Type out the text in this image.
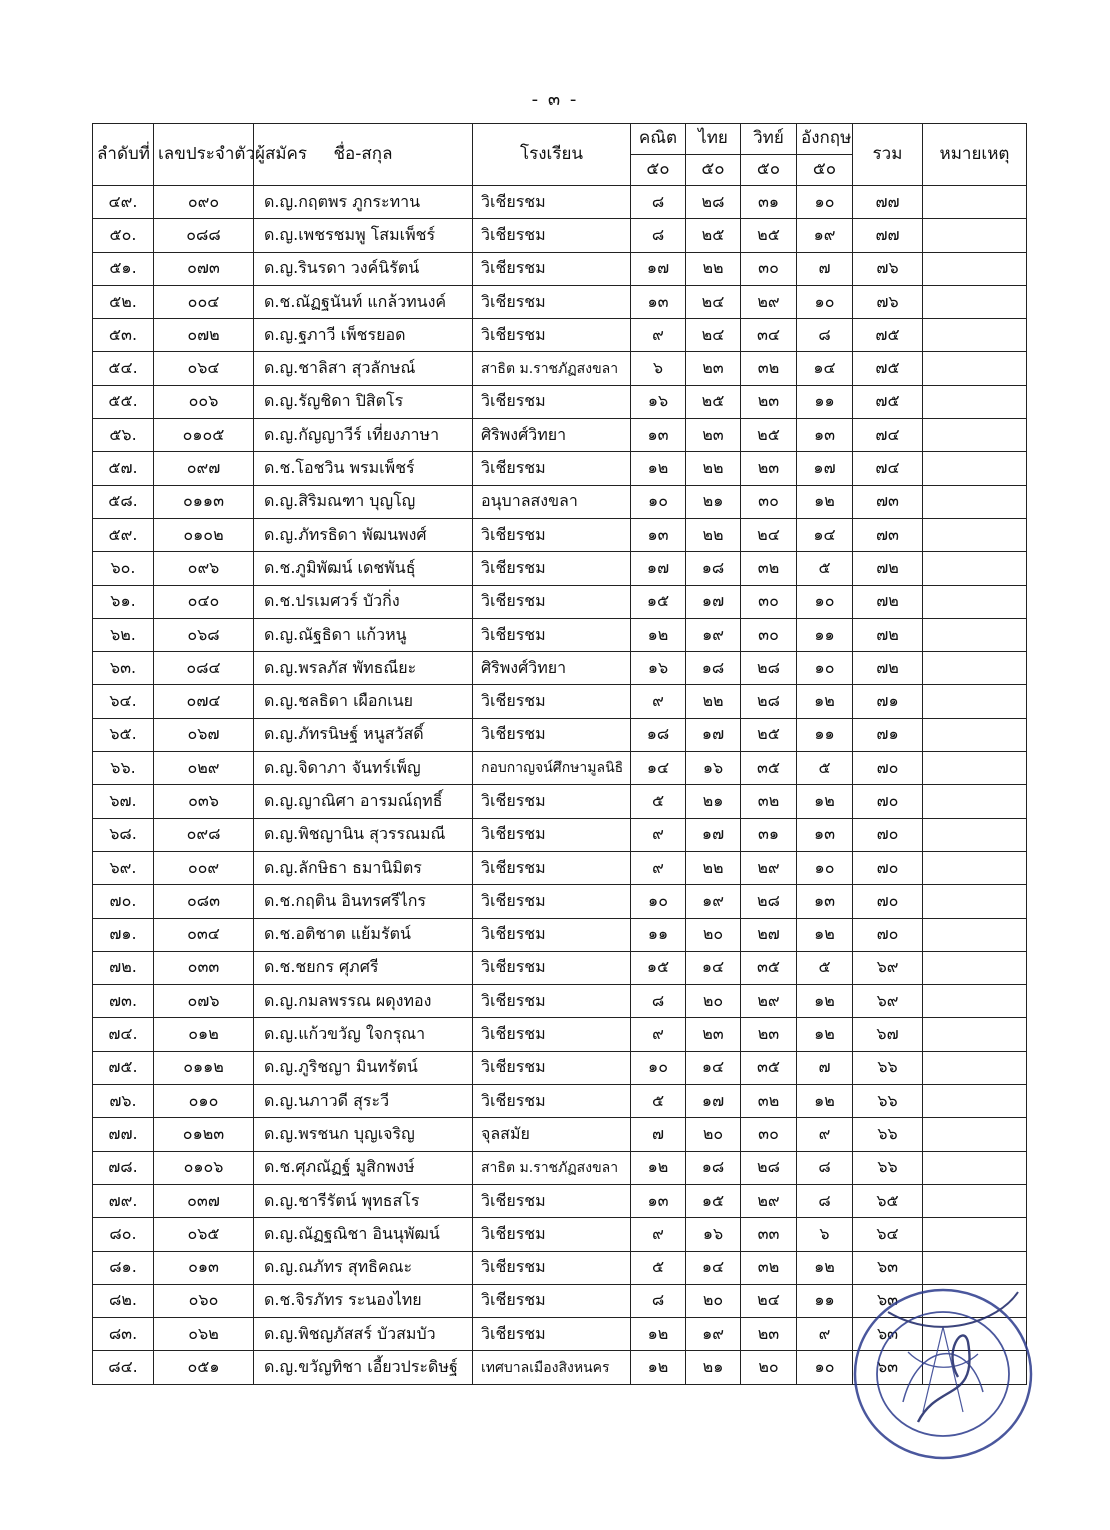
- ๓ -
ลำดับที่	เลขประจำตัวผู้สมัคร	ชื่อ-สกุล	โรงเรียน	คณิต	ไทย	วิทย์	อังกฤษ	รวม	หมายเหตุ
				๕๐	๕๐	๕๐	๕๐		
๔๙.	๐๙๐	ด.ญ.กฤตพร ภูกระทาน	วิเชียรชม	๘	๒๘	๓๑	๑๐	๗๗	
๕๐.	๐๘๘	ด.ญ.เพชรชมพู โสมเพ็ชร์	วิเชียรชม	๘	๒๕	๒๕	๑๙	๗๗	
๕๑.	๐๗๓	ด.ญ.รินรดา วงค์นิรัตน์	วิเชียรชม	๑๗	๒๒	๓๐	๗	๗๖	
๕๒.	๐๐๔	ด.ช.ณัฏฐนันท์ แกล้วทนงค์	วิเชียรชม	๑๓	๒๔	๒๙	๑๐	๗๖	
๕๓.	๐๗๒	ด.ญ.ฐภาวี เพ็ชรยอด	วิเชียรชม	๙	๒๔	๓๔	๘	๗๕	
๕๔.	๐๖๔	ด.ญ.ชาลิสา สุวลักษณ์	สาธิต ม.ราชภัฏสงขลา	๖	๒๓	๓๒	๑๔	๗๕	
๕๕.	๐๐๖	ด.ญ.รัญชิดา ปิสิตโร	วิเชียรชม	๑๖	๒๕	๒๓	๑๑	๗๕	
๕๖.	๐๑๐๕	ด.ญ.กัญญาวีร์ เที่ยงภาษา	ศิริพงศ์วิทยา	๑๓	๒๓	๒๕	๑๓	๗๔	
๕๗.	๐๙๗	ด.ช.โอชวิน พรมเพ็ชร์	วิเชียรชม	๑๒	๒๒	๒๓	๑๗	๗๔	
๕๘.	๐๑๑๓	ด.ญ.สิริมณฑา บุญโญ	อนุบาลสงขลา	๑๐	๒๑	๓๐	๑๒	๗๓	
๕๙.	๐๑๐๒	ด.ญ.ภัทรธิดา พัฒนพงศ์	วิเชียรชม	๑๓	๒๒	๒๔	๑๔	๗๓	
๖๐.	๐๙๖	ด.ช.ภูมิพัฒน์ เดชพันธุ์	วิเชียรชม	๑๗	๑๘	๓๒	๕	๗๒	
๖๑.	๐๔๐	ด.ช.ปรเมศวร์ บัวกิ่ง	วิเชียรชม	๑๕	๑๗	๓๐	๑๐	๗๒	
๖๒.	๐๖๘	ด.ญ.ณัฐธิดา แก้วหนู	วิเชียรชม	๑๒	๑๙	๓๐	๑๑	๗๒	
๖๓.	๐๘๔	ด.ญ.พรลภัส พัทธณียะ	ศิริพงศ์วิทยา	๑๖	๑๘	๒๘	๑๐	๗๒	
๖๔.	๐๗๔	ด.ญ.ชลธิดา เผือกเนย	วิเชียรชม	๙	๒๒	๒๘	๑๒	๗๑	
๖๕.	๐๖๗	ด.ญ.ภัทรนิษฐ์ หนูสวัสดิ์	วิเชียรชม	๑๘	๑๗	๒๕	๑๑	๗๑	
๖๖.	๐๒๙	ด.ญ.จิดาภา จันทร์เพ็ญ	กอบกาญจน์ศึกษามูลนิธิ	๑๔	๑๖	๓๕	๕	๗๐	
๖๗.	๐๓๖	ด.ญ.ญาณิศา อารมณ์ฤทธิ์	วิเชียรชม	๕	๒๑	๓๒	๑๒	๗๐	
๖๘.	๐๙๘	ด.ญ.พิชญานิน สุวรรณมณี	วิเชียรชม	๙	๑๗	๓๑	๑๓	๗๐	
๖๙.	๐๐๙	ด.ญ.ลักษิธา ธมานิมิตร	วิเชียรชม	๙	๒๒	๒๙	๑๐	๗๐	
๗๐.	๐๘๓	ด.ช.กฤติน อินทรศรีไกร	วิเชียรชม	๑๐	๑๙	๒๘	๑๓	๗๐	
๗๑.	๐๓๔	ด.ช.อติชาต แย้มรัตน์	วิเชียรชม	๑๑	๒๐	๒๗	๑๒	๗๐	
๗๒.	๐๓๓	ด.ช.ชยกร ศุภศรี	วิเชียรชม	๑๕	๑๔	๓๕	๕	๖๙	
๗๓.	๐๗๖	ด.ญ.กมลพรรณ ผดุงทอง	วิเชียรชม	๘	๒๐	๒๙	๑๒	๖๙	
๗๔.	๐๑๒	ด.ญ.แก้วขวัญ ใจกรุณา	วิเชียรชม	๙	๒๓	๒๓	๑๒	๖๗	
๗๕.	๐๑๑๒	ด.ญ.ภูริชญา มินทรัตน์	วิเชียรชม	๑๐	๑๔	๓๕	๗	๖๖	
๗๖.	๐๑๐	ด.ญ.นภาวดี สุระวี	วิเชียรชม	๕	๑๗	๓๒	๑๒	๖๖	
๗๗.	๐๑๒๓	ด.ญ.พรชนก บุญเจริญ	จุลสมัย	๗	๒๐	๓๐	๙	๖๖	
๗๘.	๐๑๐๖	ด.ช.ศุภณัฏฐ์ มูสิกพงษ์	สาธิต ม.ราชภัฏสงขลา	๑๒	๑๘	๒๘	๘	๖๖	
๗๙.	๐๓๗	ด.ญ.ชารีรัตน์ พุทธสโร	วิเชียรชม	๑๓	๑๕	๒๙	๘	๖๕	
๘๐.	๐๖๕	ด.ญ.ณัฏฐณิชา อินนุพัฒน์	วิเชียรชม	๙	๑๖	๓๓	๖	๖๔	
๘๑.	๐๑๓	ด.ญ.ณภัทร สุทธิคณะ	วิเชียรชม	๕	๑๔	๓๒	๑๒	๖๓	
๘๒.	๐๖๐	ด.ช.จิรภัทร ระนองไทย	วิเชียรชม	๘	๒๐	๒๔	๑๑	๖๓	
๘๓.	๐๖๒	ด.ญ.พิชญภัสสร์ บัวสมบัว	วิเชียรชม	๑๒	๑๙	๒๓	๙	๖๓	
๘๔.	๐๕๑	ด.ญ.ขวัญทิชา เอี้ยวประดิษฐ์	เทศบาลเมืองสิงหนคร	๑๒	๒๑	๒๐	๑๐	๖๓	
